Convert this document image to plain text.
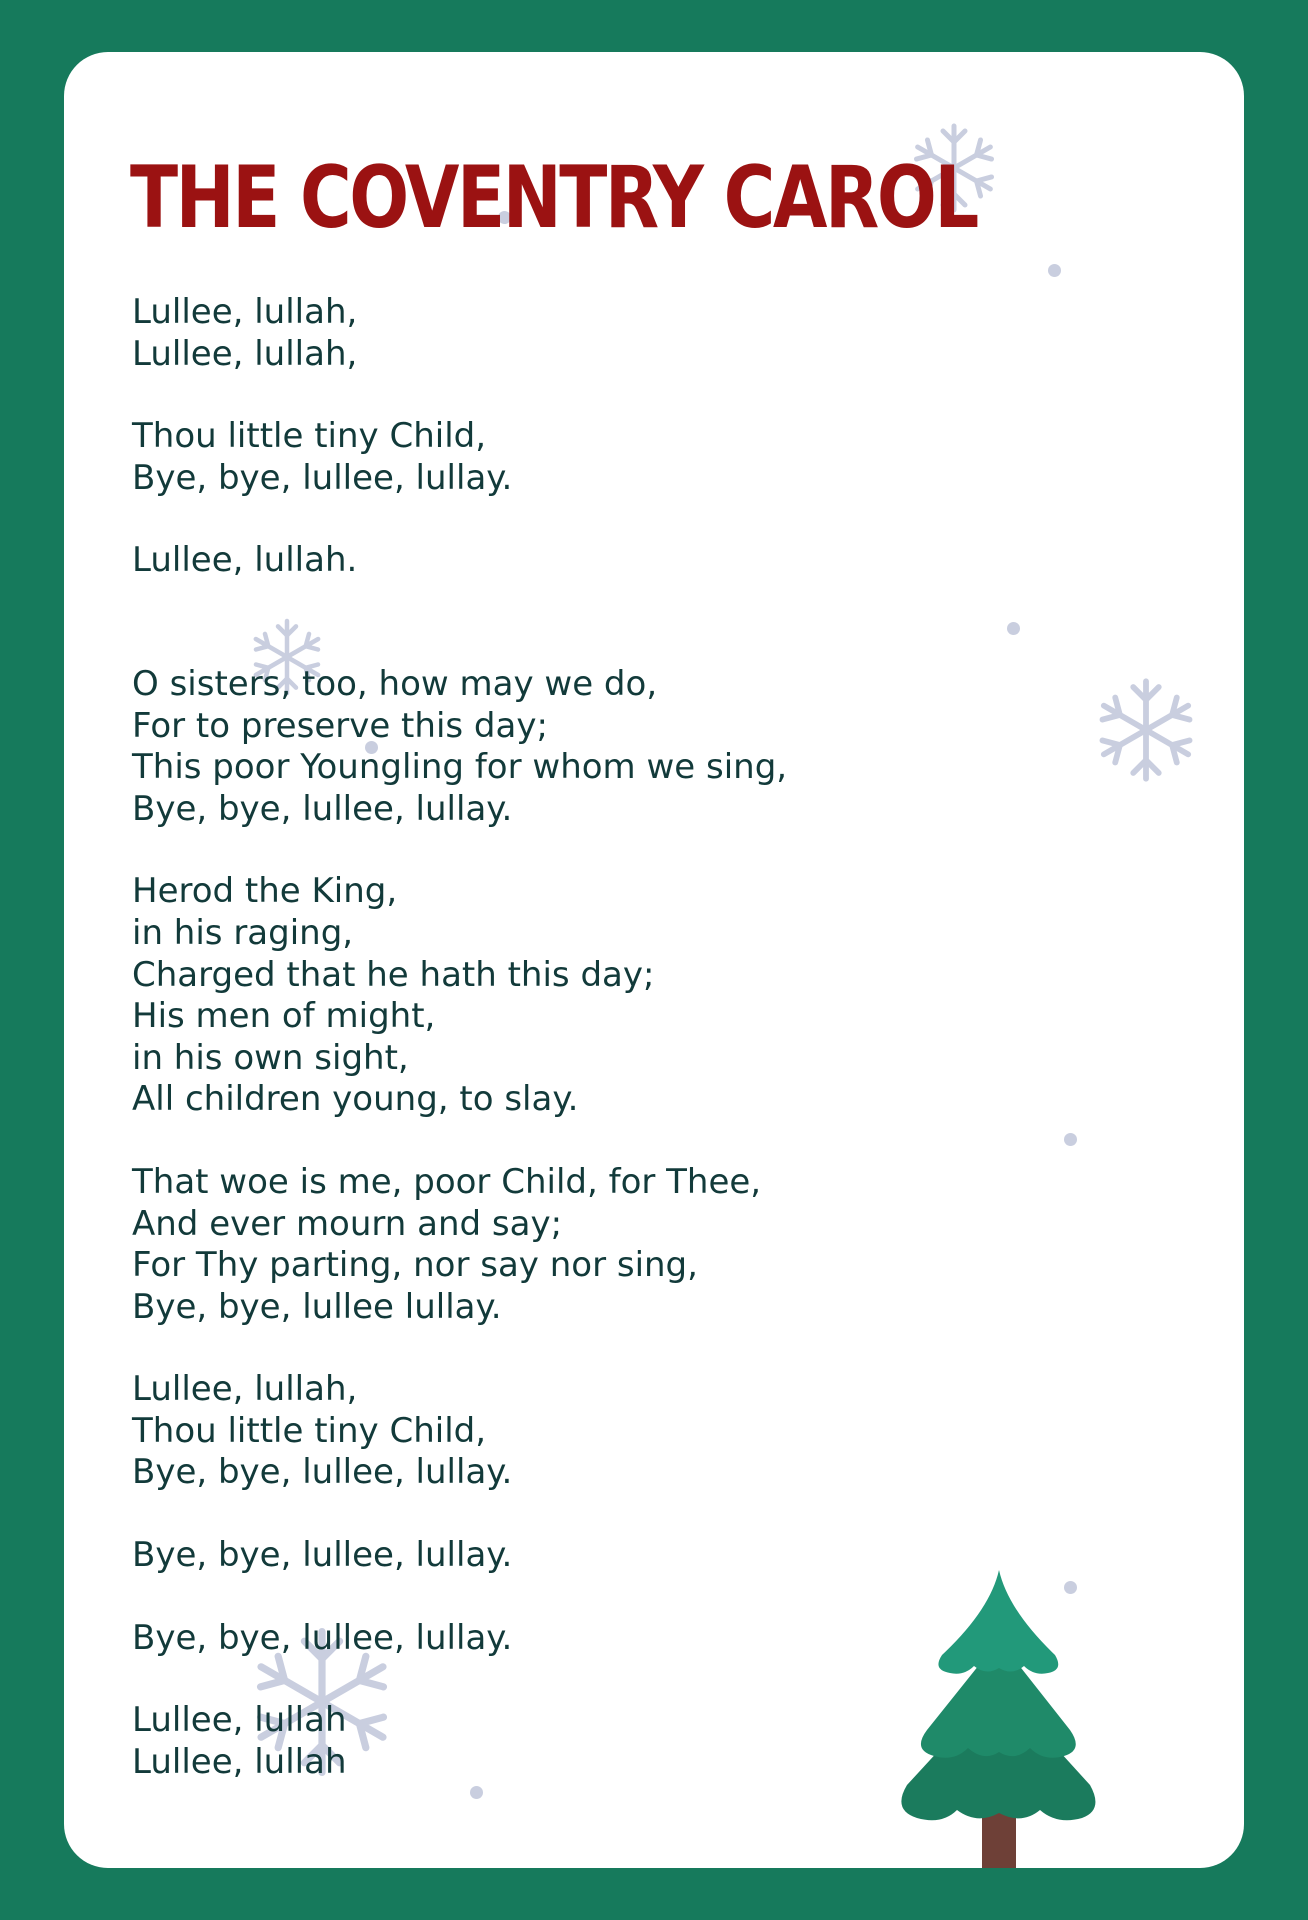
THE COVENTRY CAROL
Lullee, lullah,
Lullee, lullah,
Thou little tiny Child,
Bye, bye, lullee, lullay.
Lullee, lullah.
O sisters, too, how may we do,
For to preserve this day;
This poor Youngling for whom we sing,
Bye, bye, lullee, lullay.
Herod the King,
in his raging,
Charged that he hath this day;
His men of might,
in his own sight,
All children young, to slay.
That woe is me, poor Child, for Thee,
And ever mourn and say;
For Thy parting, nor say nor sing,
Bye, bye, lullee lullay.
Lullee, lullah,
Thou little tiny Child,
Bye, bye, lullee, lullay.
Bye, bye, lullee, lullay.
Bye, bye, lullee, lullay.
Lullee, lullah
Lullee, lullah
